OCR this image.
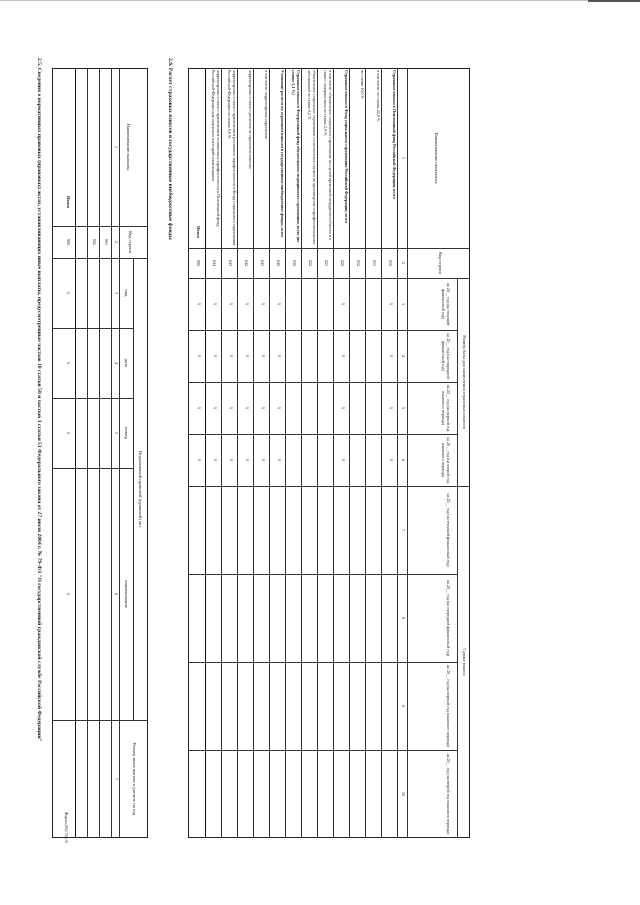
Форма (95) 74 с 8
2.5. Сведения о нормативных правовых (правовых) актах, устанавливающих иные выплаты, предусмотренные частью 10 статьи 50 и частью 3 статьи 51 Федерального закона от 27 июля 2004 г. № 79-ФЗ "О государственной гражданской службе Российской Федерации"	Наименование выплаты
Код строки
Нормативный правовой (правовой) акт
вид
дата
номер
наименование
Размер иных выплат в расчете на год
1
2
3
4
5
6
7
001
002
Итого
900
x
x
x
x
2.6. Расчет страховых взносов в государственные внебюджетные фонды	Наименование показателя
Код строки
Размер базы для начисления страховых взносов
Сумма взноса
на 20__ год (на текущий финансовый год)
на 20__ год (на очередной финансовый год)
на 20__ год (на первый год планового периода)
на 20__ год (на второй год планового периода)
на 20__ год (на текущий финансовый год)
на 20__ год (на очередной финансовый год)
на 20__ год (на первый год планового периода)
на 20__ год (на второй год планового периода)
1
2
3
4
5
6
7
8
9
10
Страховые взносы в Пенсионный фонд Российской Федерации, всего
010
x
x
x
x
в том числе: по ставке 22,0 %
011
по ставке 10,0 %
012
Страховые взносы в Фонд социального страхования Российской Федерации, всего
020
x
x
x
x
в том числе: обязательное социальное страхование на случай временной нетрудоспособности и в связи с материнством по ставке 2,9 %
021
обязательное социальное страхование от несчастных случаев на производстве и профессиональных заболеваний по ставке 0,2 %
022
Страховые взносы в Федеральный фонд обязательного медицинского страхования, всего (по ставке 5,1 %)
030
Уточнение расчета по страховым взносам в государственные внебюджетные фонды, всего
040
x
x
x
x
в том числе: корректировка округления
041
x
x
x
x
корректировка в связи с расчетом по страховым взносам
042
x
x
x
x
корректировка в связи с применением различных тарифов взносов в Фонд социального страхования Российской Федерации по ставке 0,0 %
043
x
x
x
x
корректировка в связи с применением пониженных тарифов взносов в Пенсионный фонд Российской Федерации для отдельных категорий плательщиков
044
x
x
x
x
Итого
090
x
x
x
x
